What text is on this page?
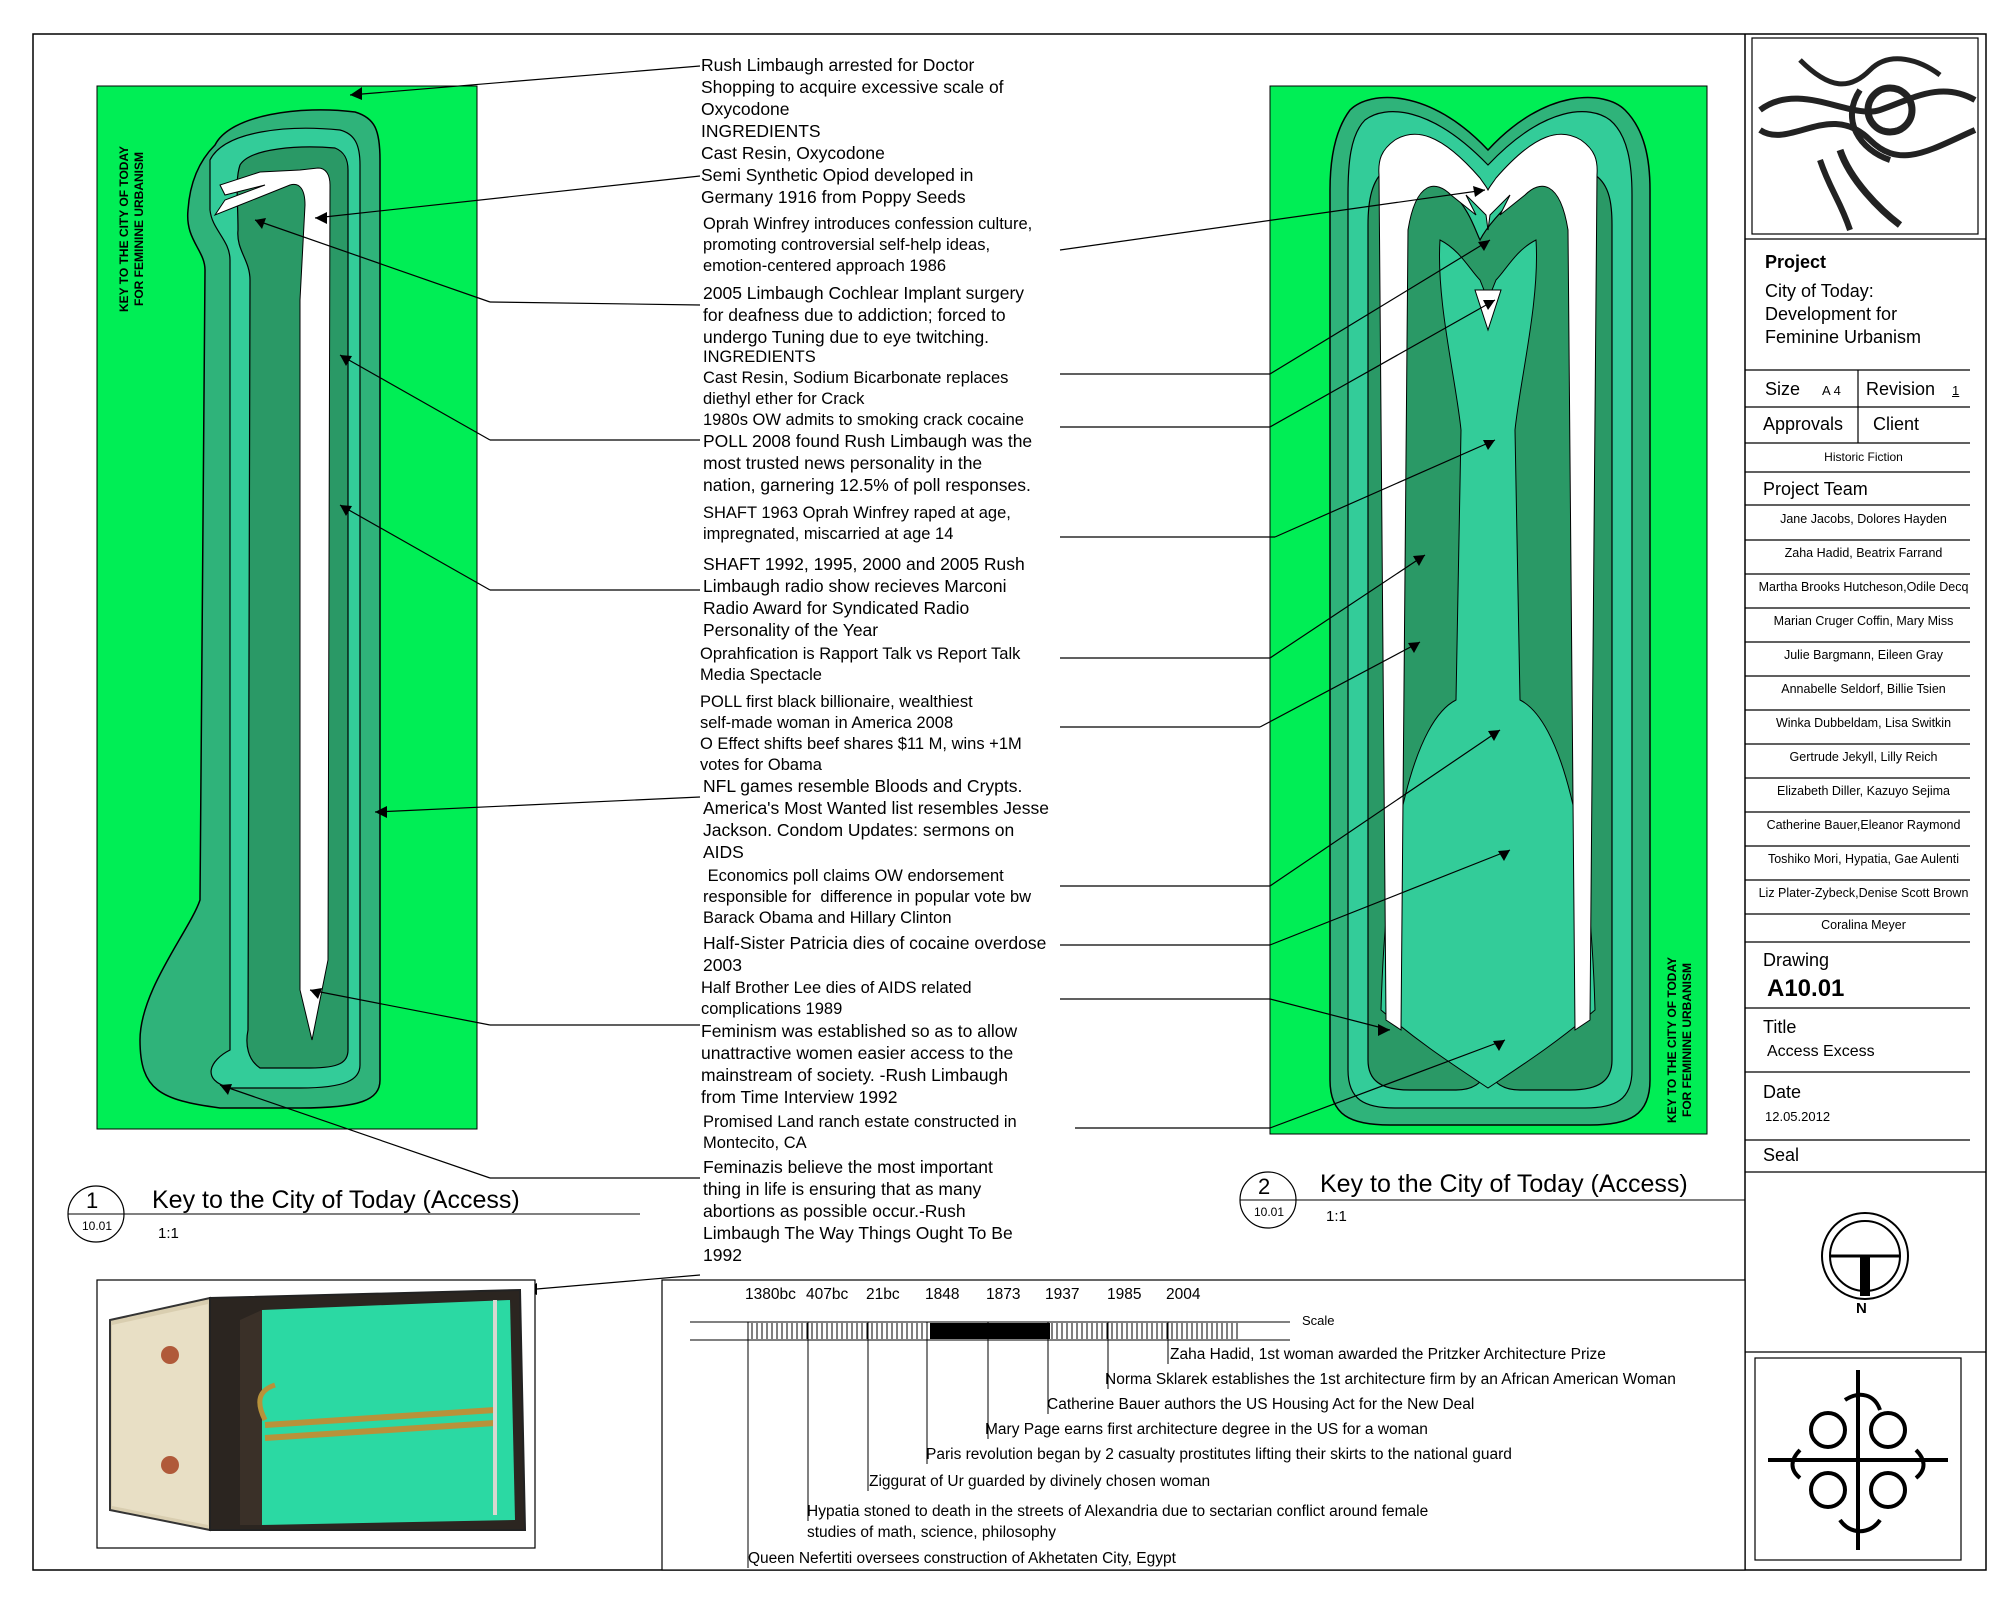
KEY TO THE CITY OF TODAY FOR FEMININE URBANISM
KEY TO THE CITY OF TODAY FOR FEMININE URBANISM
Rush Limbaugh arrested for Doctor
Shopping to acquire excessive scale of
Oxycodone
INGREDIENTS
Cast Resin, Oxycodone
Semi Synthetic Opiod developed in
Germany 1916 from Poppy Seeds
Oprah Winfrey introduces confession culture,
promoting controversial self-help ideas,
emotion-centered approach 1986
2005 Limbaugh Cochlear Implant surgery
for deafness due to addiction; forced to
undergo Tuning due to eye twitching.
INGREDIENTS
Cast Resin, Sodium Bicarbonate replaces
diethyl ether for Crack
1980s OW admits to smoking crack cocaine
POLL 2008 found Rush Limbaugh was the
most trusted news personality in the
nation, garnering 12.5% of poll responses.
SHAFT 1963 Oprah Winfrey raped at age,
impregnated, miscarried at age 14
SHAFT 1992, 1995, 2000 and 2005 Rush
Limbaugh radio show recieves Marconi
Radio Award for Syndicated Radio
Personality of the Year
Oprahfication is Rapport Talk vs Report Talk
Media Spectacle
POLL first black billionaire, wealthiest
self-made woman in America 2008
O Effect shifts beef shares $11 M, wins +1M
votes for Obama
NFL games resemble Bloods and Crypts.
America's Most Wanted list resembles Jesse
Jackson. Condom Updates: sermons on
AIDS
Economics poll claims OW endorsement
responsible for  difference in popular vote bw
Barack Obama and Hillary Clinton
Half-Sister Patricia dies of cocaine overdose
2003
Half Brother Lee dies of AIDS related
complications 1989
Feminism was established so as to allow
unattractive women easier access to the
mainstream of society. -Rush Limbaugh
from Time Interview 1992
Promised Land ranch estate constructed in
Montecito, CA
Feminazis believe the most important
thing in life is ensuring that as many
abortions as possible occur.-Rush
Limbaugh The Way Things Ought To Be
1992
1
10.01
Key to the City of Today (Access)
1:1
2
10.01
Key to the City of Today (Access)
1:1
1380bc 407bc 21bc 1848 1873 1937 1985 2004
Scale
Zaha Hadid, 1st woman awarded the Pritzker Architecture Prize
Norma Sklarek establishes the 1st architecture firm by an African American Woman
Catherine Bauer authors the US Housing Act for the New Deal
Mary Page earns first architecture degree in the US for a woman
Paris revolution began by 2 casualty prostitutes lifting their skirts to the national guard
Ziggurat of Ur guarded by divinely chosen woman
Hypatia stoned to death in the streets of Alexandria due to sectarian conflict around female
studies of math, science, philosophy
Queen Nefertiti oversees construction of Akhetaten City, Egypt
Project
City of Today:
Development for
Feminine Urbanism
Size A 4 Revision 1
Approvals Client
Historic Fiction
Project Team
Jane Jacobs, Dolores Hayden
Zaha Hadid, Beatrix Farrand
Martha Brooks Hutcheson,Odile Decq
Marian Cruger Coffin, Mary Miss
Julie Bargmann, Eileen Gray
Annabelle Seldorf, Billie Tsien
Winka Dubbeldam, Lisa Switkin
Gertrude Jekyll, Lilly Reich
Elizabeth Diller, Kazuyo Sejima
Catherine Bauer,Eleanor Raymond
Toshiko Mori, Hypatia, Gae Aulenti
Liz Plater-Zybeck,Denise Scott Brown
Coralina Meyer
Drawing
A10.01
Title
Access Excess
Date
12.05.2012
Seal
N
